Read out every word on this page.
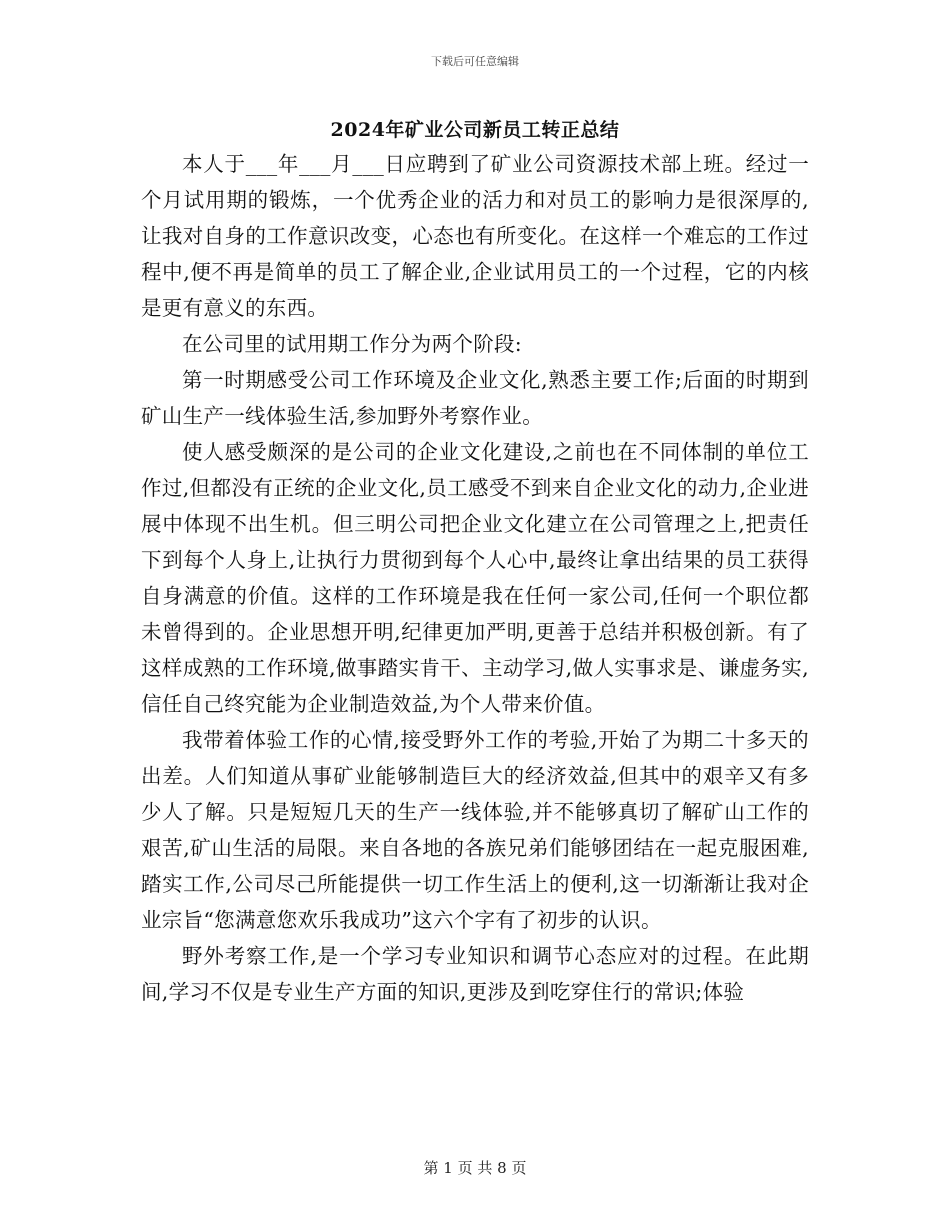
下载后可任意编辑
2024年矿业公司新员工转正总结

本人于___年___月___日应聘到了矿业公司资源技术部上班。经过一个月试用期的锻炼，一个优秀企业的活力和对员工的影响力是很深厚的,让我对自身的工作意识改变，心态也有所变化。在这样一个难忘的工作过程中,便不再是简单的员工了解企业,企业试用员工的一个过程，它的内核是更有意义的东西。

在公司里的试用期工作分为两个阶段:

第一时期感受公司工作环境及企业文化,熟悉主要工作;后面的时期到矿山生产一线体验生活,参加野外考察作业。

使人感受颇深的是公司的企业文化建设,之前也在不同体制的单位工作过,但都没有正统的企业文化,员工感受不到来自企业文化的动力,企业进展中体现不出生机。但三明公司把企业文化建立在公司管理之上,把责任下到每个人身上,让执行力贯彻到每个人心中,最终让拿出结果的员工获得自身满意的价值。这样的工作环境是我在任何一家公司,任何一个职位都未曾得到的。企业思想开明,纪律更加严明,更善于总结并积极创新。有了这样成熟的工作环境,做事踏实肯干、主动学习,做人实事求是、谦虚务实,信任自己终究能为企业制造效益,为个人带来价值。

我带着体验工作的心情,接受野外工作的考验,开始了为期二十多天的出差。人们知道从事矿业能够制造巨大的经济效益,但其中的艰辛又有多少人了解。只是短短几天的生产一线体验,并不能够真切了解矿山工作的艰苦,矿山生活的局限。来自各地的各族兄弟们能够团结在一起克服困难,踏实工作,公司尽己所能提供一切工作生活上的便利,这一切渐渐让我对企业宗旨“您满意您欢乐我成功”这六个字有了初步的认识。

野外考察工作,是一个学习专业知识和调节心态应对的过程。在此期间,学习不仅是专业生产方面的知识,更涉及到吃穿住行的常识;体验

第 1 页 共 8 页
